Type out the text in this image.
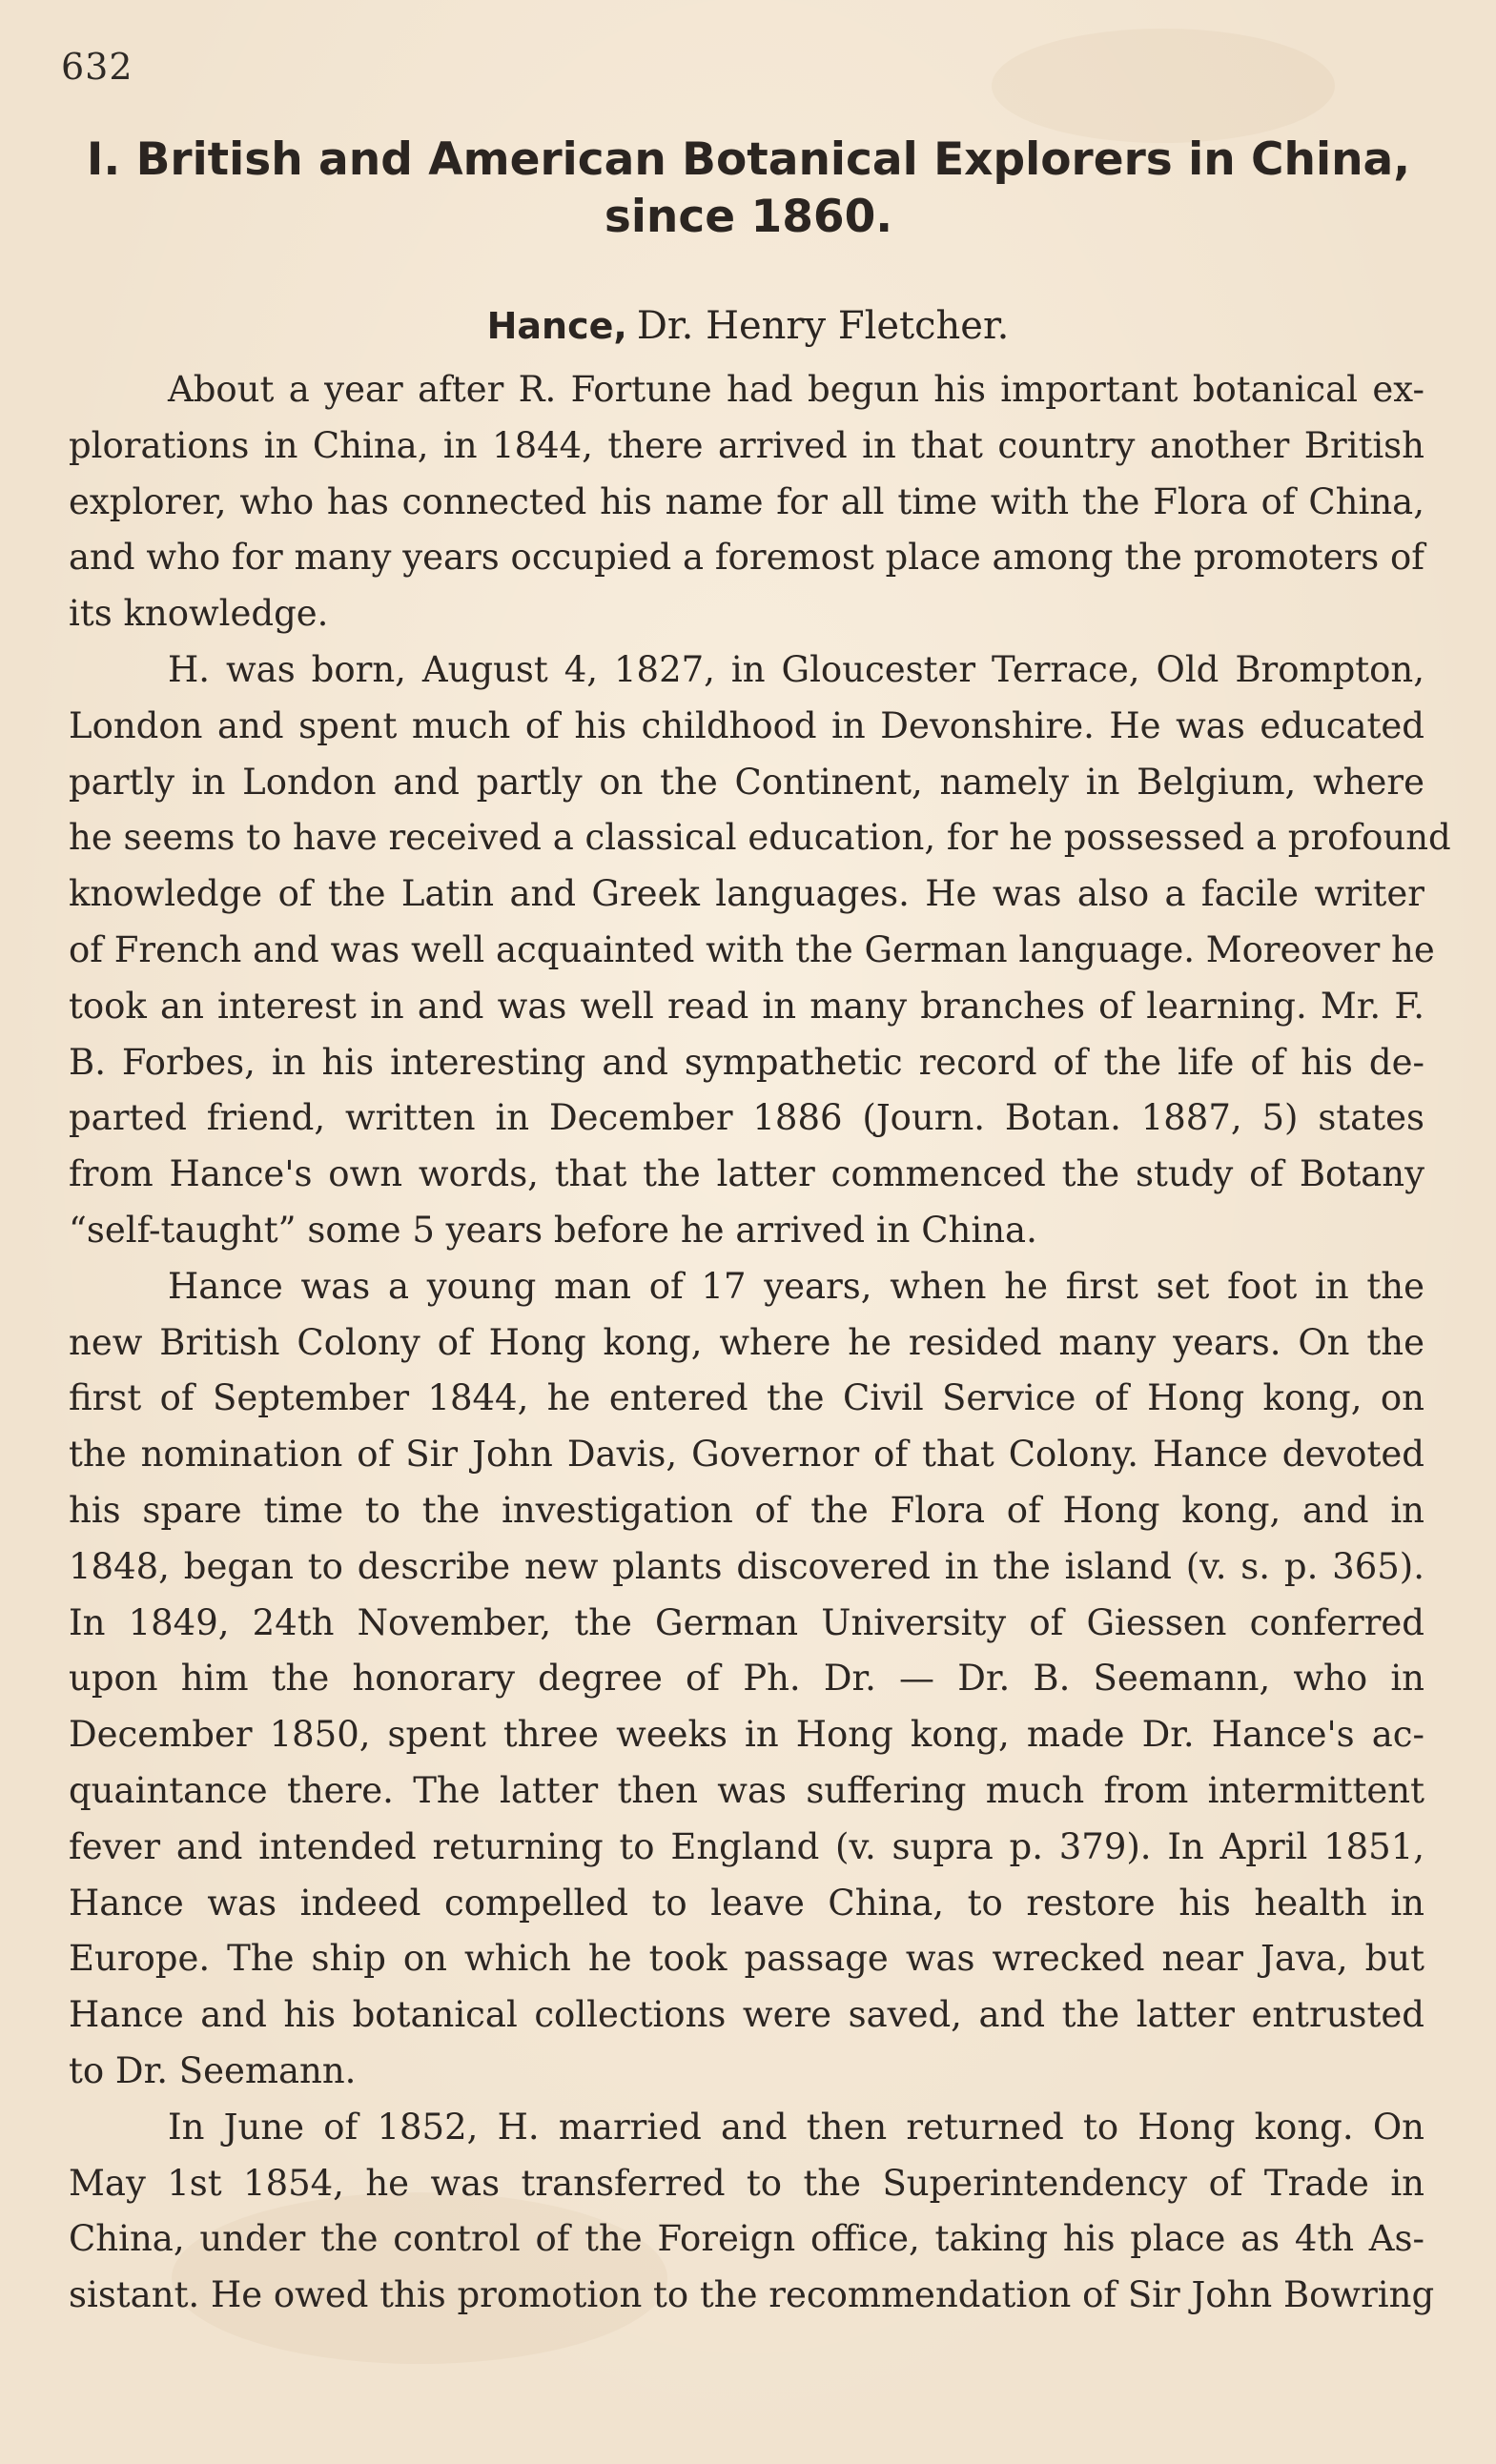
632
I. British and American Botanical Explorers in China,
since 1860.
Hance, Dr. Henry Fletcher.
About a year after R. Fortune had begun his important botanical ex-
plorations in China, in 1844, there arrived in that country another British
explorer, who has connected his name for all time with the Flora of China,
and who for many years occupied a foremost place among the promoters of
its knowledge.
H. was born, August 4, 1827, in Gloucester Terrace, Old Brompton,
London and spent much of his childhood in Devonshire. He was educated
partly in London and partly on the Continent, namely in Belgium, where
he seems to have received a classical education, for he possessed a profound
knowledge of the Latin and Greek languages. He was also a facile writer
of French and was well acquainted with the German language. Moreover he
took an interest in and was well read in many branches of learning. Mr. F.
B. Forbes, in his interesting and sympathetic record of the life of his de-
parted friend, written in December 1886 (Journ. Botan. 1887, 5) states
from Hance's own words, that the latter commenced the study of Botany
“self-taught” some 5 years before he arrived in China.
Hance was a young man of 17 years, when he first set foot in the
new British Colony of Hong kong, where he resided many years. On the
first of September 1844, he entered the Civil Service of Hong kong, on
the nomination of Sir John Davis, Governor of that Colony. Hance devoted
his spare time to the investigation of the Flora of Hong kong, and in
1848, began to describe new plants discovered in the island (v. s. p. 365).
In 1849, 24th November, the German University of Giessen conferred
upon him the honorary degree of Ph. Dr. — Dr. B. Seemann, who in
December 1850, spent three weeks in Hong kong, made Dr. Hance's ac-
quaintance there. The latter then was suffering much from intermittent
fever and intended returning to England (v. supra p. 379). In April 1851,
Hance was indeed compelled to leave China, to restore his health in
Europe. The ship on which he took passage was wrecked near Java, but
Hance and his botanical collections were saved, and the latter entrusted
to Dr. Seemann.
In June of 1852, H. married and then returned to Hong kong. On
May 1st 1854, he was transferred to the Superintendency of Trade in
China, under the control of the Foreign office, taking his place as 4th As-
sistant. He owed this promotion to the recommendation of Sir John Bowring
